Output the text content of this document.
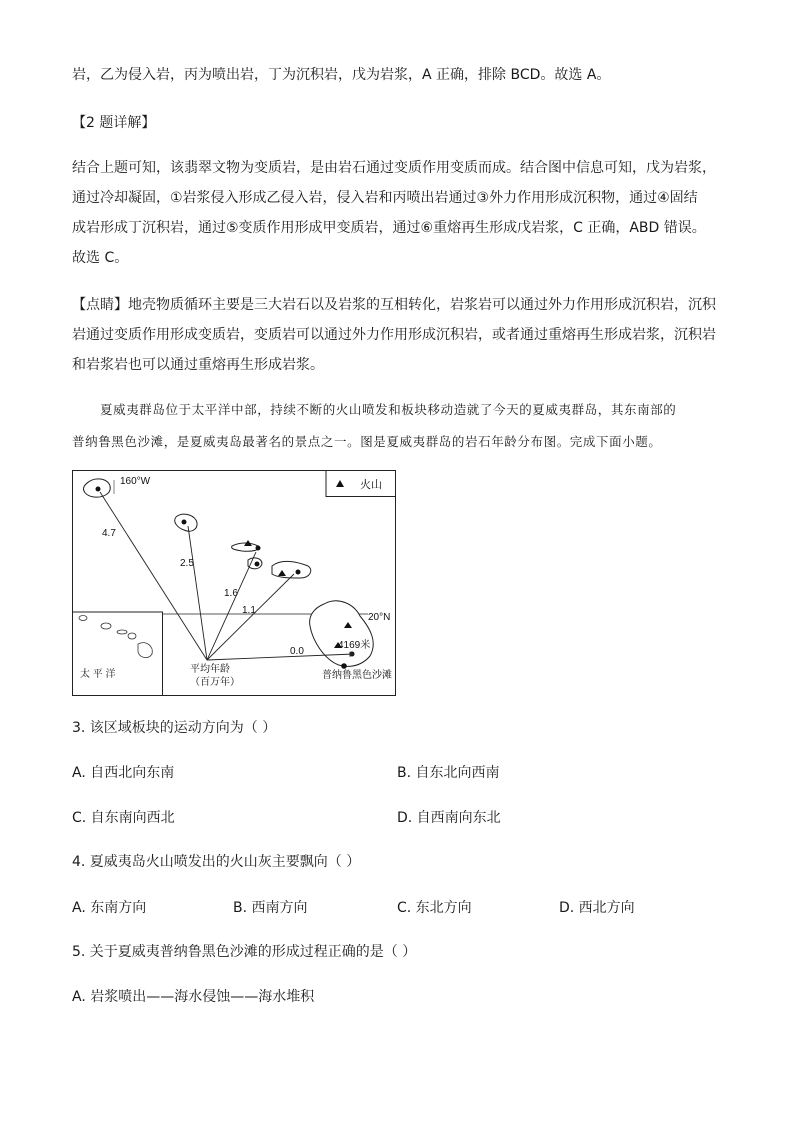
岩，乙为侵入岩，丙为喷出岩，丁为沉积岩，戊为岩浆，A 正确，排除 BCD。故选 A。
【2 题详解】
结合上题可知，该翡翠文物为变质岩，是由岩石通过变质作用变质而成。结合图中信息可知，戊为岩浆，
通过冷却凝固，①岩浆侵入形成乙侵入岩，侵入岩和丙喷出岩通过③外力作用形成沉积物，通过④固结
成岩形成丁沉积岩，通过⑤变质作用形成甲变质岩，通过⑥重熔再生形成戊岩浆，C 正确，ABD 错误。
故选 C。
【点睛】地壳物质循环主要是三大岩石以及岩浆的互相转化，岩浆岩可以通过外力作用形成沉积岩，沉积
岩通过变质作用形成变质岩，变质岩可以通过外力作用形成沉积岩，或者通过重熔再生形成岩浆，沉积岩
和岩浆岩也可以通过重熔再生形成岩浆。
夏威夷群岛位于太平洋中部，持续不断的火山喷发和板块移动造就了今天的夏威夷群岛，其东南部的
普纳鲁黑色沙滩，是夏威夷岛最著名的景点之一。图是夏威夷群岛的岩石年龄分布图。完成下面小题。
火山
160°W
20°N
4169米
4.7
2.5
1.6
1.1
0.0
平均年龄
（百万年）
普纳鲁黑色沙滩
太 平 洋
3. 该区域板块的运动方向为（ ）
A. 自西北向东南	B. 自东北向西南
C. 自东南向西北	D. 自西南向东北
4. 夏威夷岛火山喷发出的火山灰主要飘向（ ）
A. 东南方向	B. 西南方向	C. 东北方向	D. 西北方向
5. 关于夏威夷普纳鲁黑色沙滩的形成过程正确的是（ ）
A. 岩浆喷出——海水侵蚀——海水堆积
